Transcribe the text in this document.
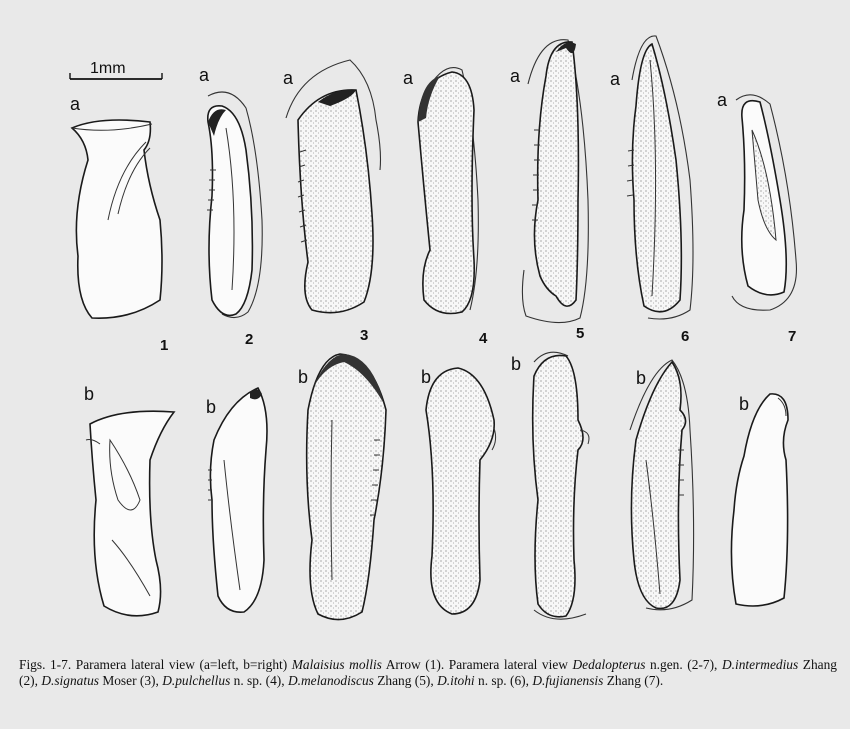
1mm
a
1
a
2
a
3
a
4
a
5
a
6
a
7
b
b
b	b
b
b
b
Figs. 1-7. Paramera lateral view (a=left, b=right) Malaisius mollis Arrow (1). Paramera lateral view Dedalopterus n.gen. (2-7), D.intermedius Zhang (2), D.signatus Moser (3), D.pulchellus n. sp. (4), D.melanodiscus Zhang (5), D.itohi n. sp. (6), D.fujianensis Zhang (7).
